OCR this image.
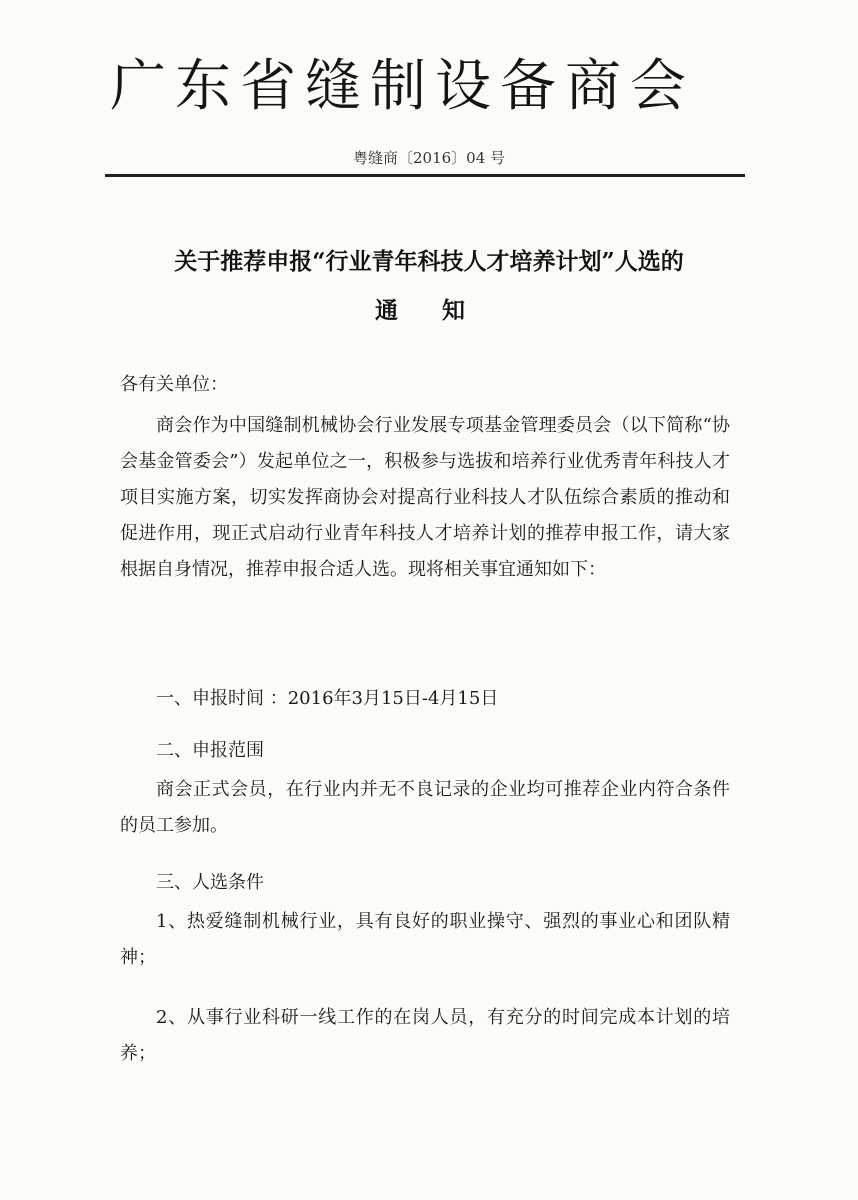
广东省缝制设备商会
粤缝商〔2016〕04 号
关于推荐申报“行业青年科技人才培养计划”人选的
通 知
各有关单位：
商会作为中国缝制机械协会行业发展专项基金管理委员会（以下简称“协会基金管委会”）发起单位之一，积极参与选拔和培养行业优秀青年科技人才项目实施方案，切实发挥商协会对提高行业科技人才队伍综合素质的推动和促进作用，现正式启动行业青年科技人才培养计划的推荐申报工作，请大家根据自身情况，推荐申报合适人选。现将相关事宜通知如下：
一、申报时间 ：2016年3月15日-4月15日
二、申报范围
商会正式会员，在行业内并无不良记录的企业均可推荐企业内符合条件的员工参加。
三、人选条件
1、热爱缝制机械行业，具有良好的职业操守、强烈的事业心和团队精神；
2、从事行业科研一线工作的在岗人员，有充分的时间完成本计划的培养；
